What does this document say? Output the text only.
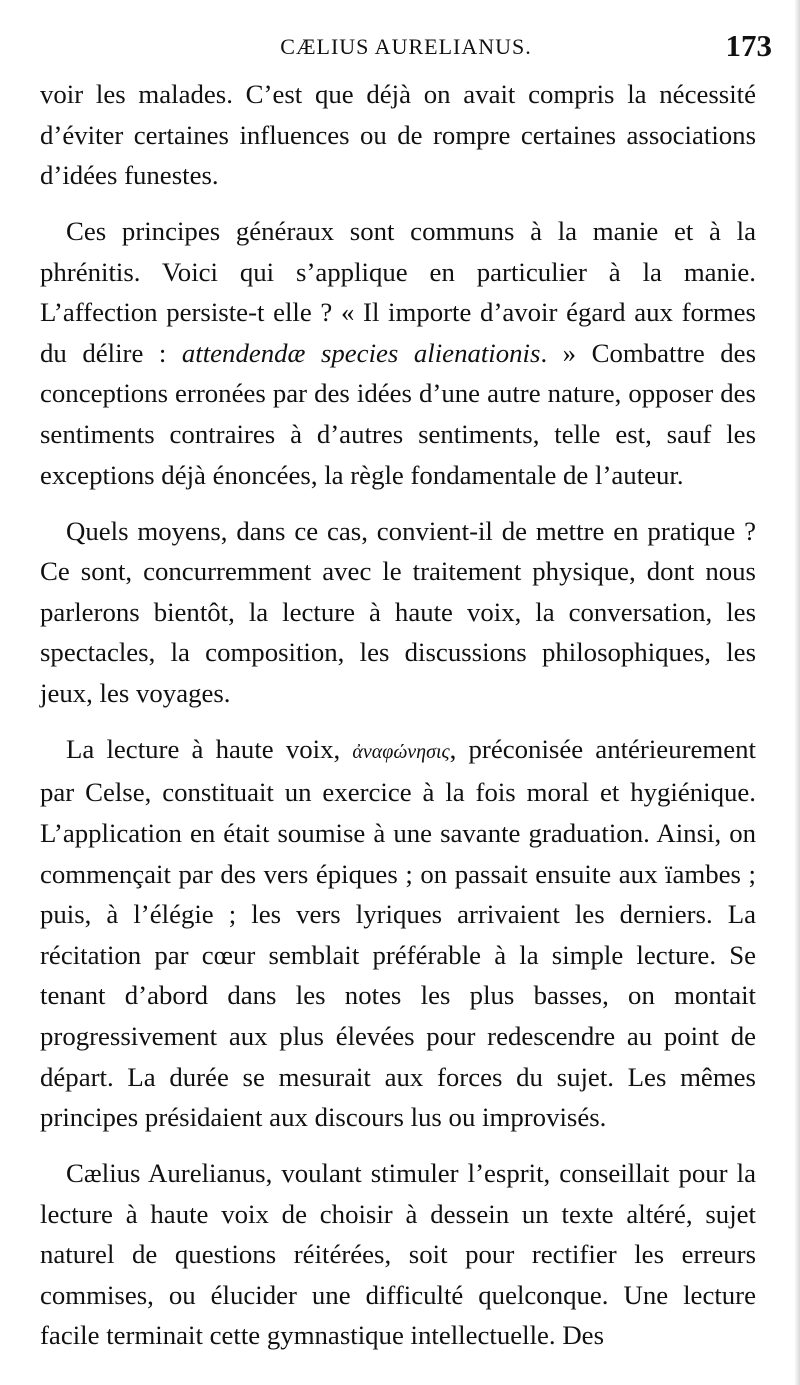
CÆLIUS AURELIANUS.	173

voir les malades. C’est que déjà on avait compris la nécessité d’éviter certaines influences ou de rompre certaines associations d’idées funestes.

Ces principes généraux sont communs à la manie et à la phrénitis. Voici qui s’applique en particulier à la manie. L’affection persiste-t elle ? « Il importe d’avoir égard aux formes du délire : attendendæ species alienationis. » Combattre des conceptions erronées par des idées d’une autre nature, opposer des sentiments contraires à d’autres sentiments, telle est, sauf les exceptions déjà énoncées, la règle fondamentale de l’auteur.

Quels moyens, dans ce cas, convient-il de mettre en pratique ? Ce sont, concurremment avec le traitement physique, dont nous parlerons bientôt, la lecture à haute voix, la conversation, les spectacles, la composition, les discussions philosophiques, les jeux, les voyages.

La lecture à haute voix, ἀναφώνησις, préconisée antérieurement par Celse, constituait un exercice à la fois moral et hygiénique. L’application en était soumise à une savante graduation. Ainsi, on commençait par des vers épiques ; on passait ensuite aux ïambes ; puis, à l’élégie ; les vers lyriques arrivaient les derniers. La récitation par cœur semblait préférable à la simple lecture. Se tenant d’abord dans les notes les plus basses, on montait progressivement aux plus élevées pour redescendre au point de départ. La durée se mesurait aux forces du sujet. Les mêmes principes présidaient aux discours lus ou improvisés.

Cælius Aurelianus, voulant stimuler l’esprit, conseillait pour la lecture à haute voix de choisir à dessein un texte altéré, sujet naturel de questions réitérées, soit pour rectifier les erreurs commises, ou élucider une difficulté quelconque. Une lecture facile terminait cette gymnastique intellectuelle. Des
